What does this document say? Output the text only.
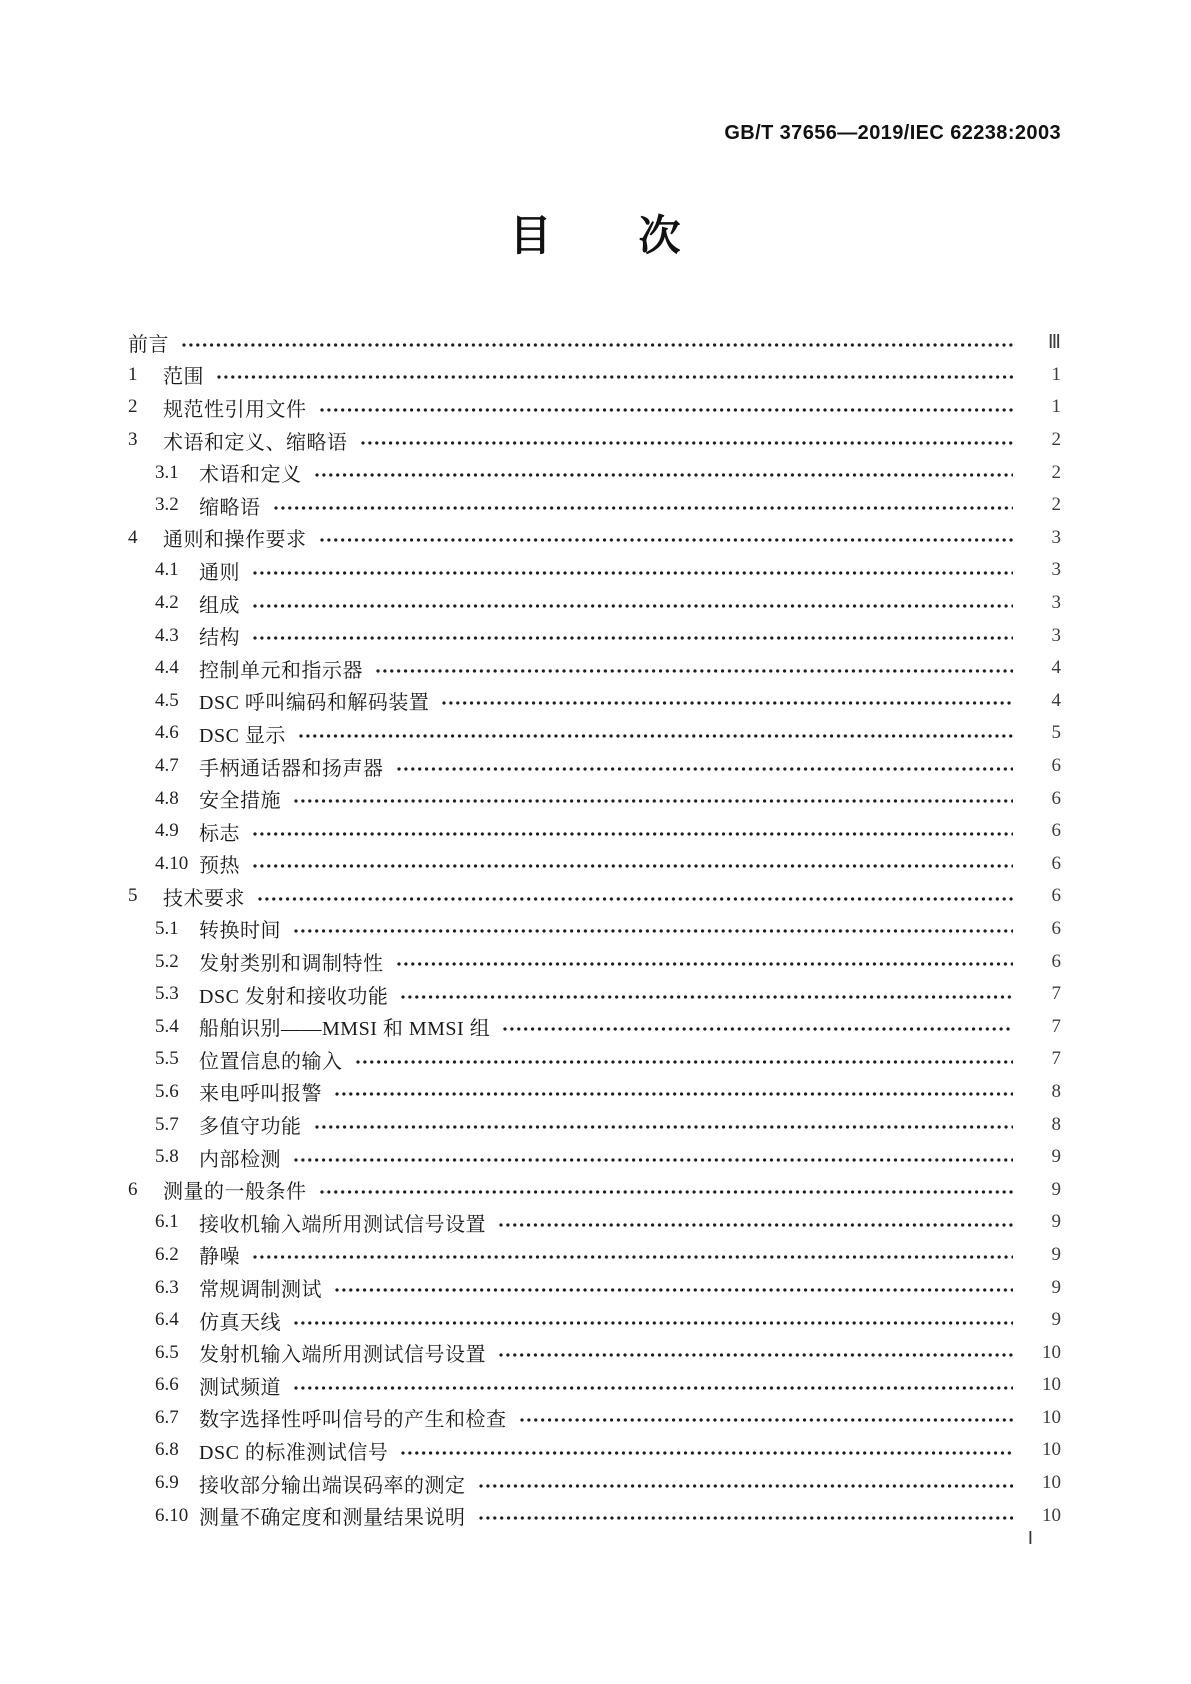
GB/T 37656—2019/IEC 62238:2003
目　　次
前言	Ⅲ
1	范围	1
2	规范性引用文件	1
3	术语和定义、缩略语	2
3.1	术语和定义	2
3.2	缩略语	2
4	通则和操作要求	3
4.1	通则	3
4.2	组成	3
4.3	结构	3
4.4	控制单元和指示器	4
4.5	DSC 呼叫编码和解码装置	4
4.6	DSC 显示	5
4.7	手柄通话器和扬声器	6
4.8	安全措施	6
4.9	标志	6
4.10 预热	6
5	技术要求	6
5.1	转换时间	6
5.2	发射类别和调制特性	6
5.3	DSC 发射和接收功能	7
5.4	船舶识别——MMSI 和 MMSI 组	7
5.5	位置信息的输入	7
5.6	来电呼叫报警	8
5.7	多值守功能	8
5.8	内部检测	9
6	测量的一般条件	9
6.1	接收机输入端所用测试信号设置	9
6.2	静噪	9
6.3	常规调制测试	9
6.4	仿真天线	9
6.5	发射机输入端所用测试信号设置	10
6.6	测试频道	10
6.7	数字选择性呼叫信号的产生和检查	10
6.8	DSC 的标准测试信号	10
6.9	接收部分输出端误码率的测定	10
6.10 测量不确定度和测量结果说明	10
Ⅰ
